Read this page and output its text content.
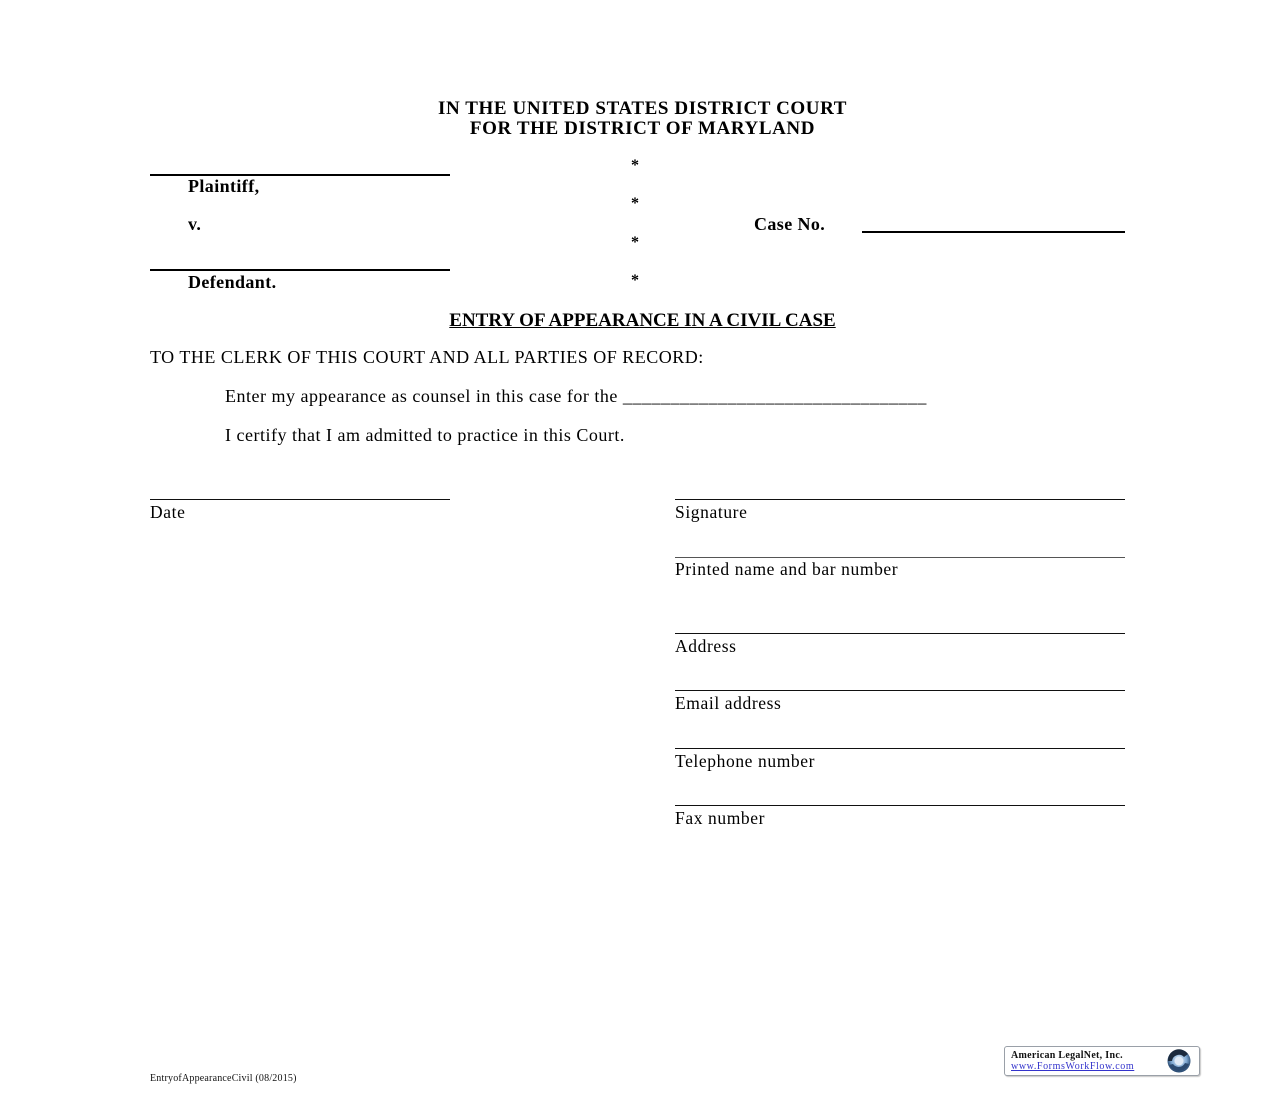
IN THE UNITED STATES DISTRICT COURT
FOR THE DISTRICT OF MARYLAND
Plaintiff,
v.
Defendant.
*
*
*
*
Case No.
ENTRY OF APPEARANCE IN A CIVIL CASE
TO THE CLERK OF THIS COURT AND ALL PARTIES OF RECORD:
Enter my appearance as counsel in this case for the ________________________________
I certify that I am admitted to practice in this Court.
Date	Signature
Printed name and bar number
Address
Email address
Telephone number
Fax number
EntryofAppearanceCivil (08/2015)
American LegalNet, Inc.
www.FormsWorkFlow.com
